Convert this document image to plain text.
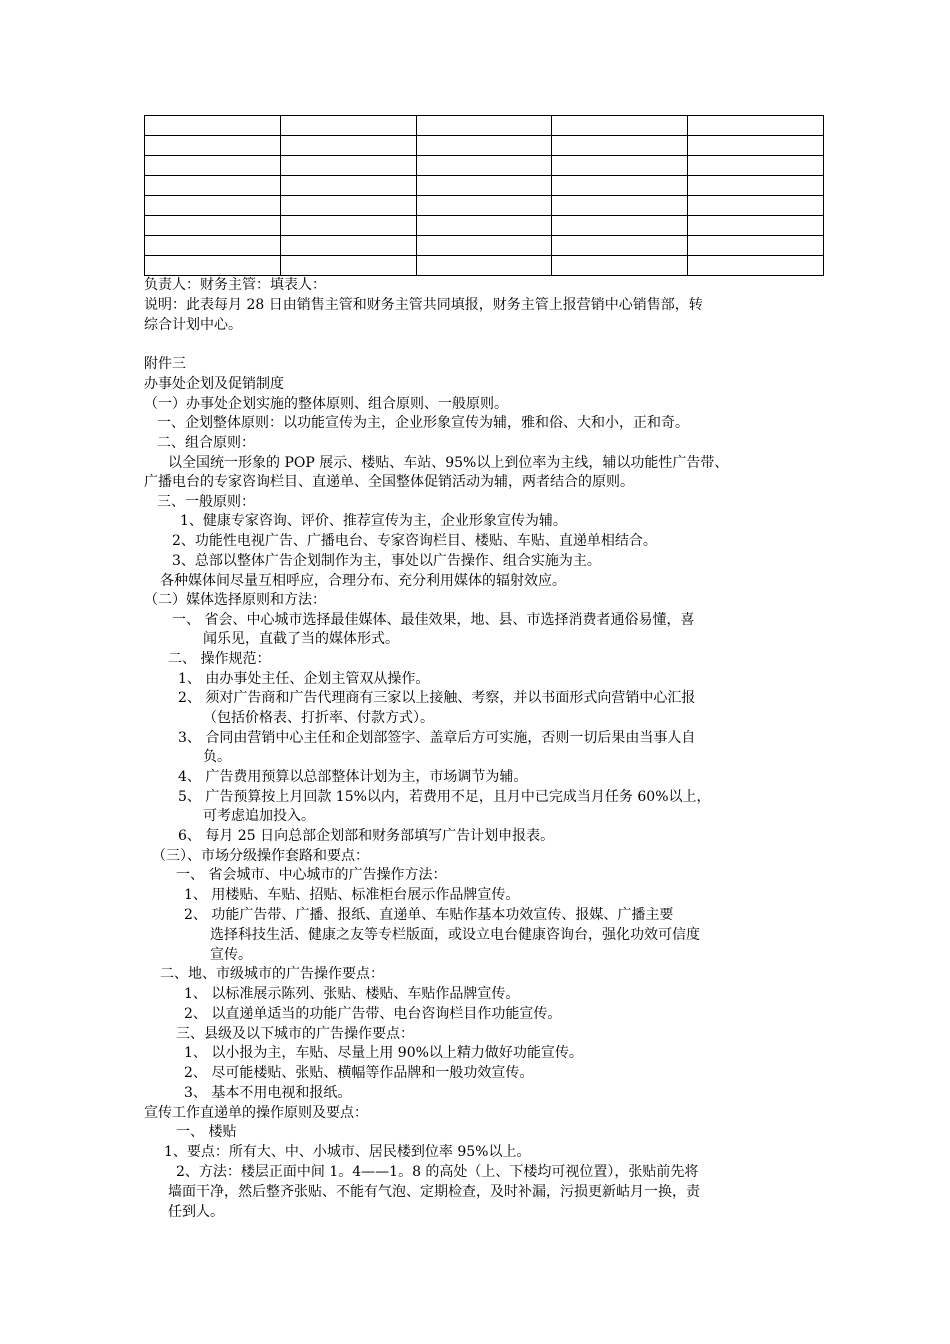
负责人：财务主管：填表人：
说明：此表每月 28 日由销售主管和财务主管共同填报，财务主管上报营销中心销售部，转
综合计划中心。
附件三
办事处企划及促销制度
（一）办事处企划实施的整体原则、组合原则、一般原则。
一、企划整体原则：以功能宣传为主，企业形象宣传为辅，雅和俗、大和小，正和奇。
二、组合原则：
以全国统一形象的 POP 展示、楼贴、车站、95%以上到位率为主线，辅以功能性广告带、
广播电台的专家咨询栏目、直递单、全国整体促销活动为辅，两者结合的原则。
三、一般原则：
1、健康专家咨询、评价、推荐宣传为主，企业形象宣传为辅。
2、功能性电视广告、广播电台、专家咨询栏目、楼贴、车贴、直递单相结合。
3、总部以整体广告企划制作为主，事处以广告操作、组合实施为主。
各种媒体间尽量互相呼应，合理分布、充分利用媒体的辐射效应。
（二）媒体选择原则和方法：
一、 省会、中心城市选择最佳媒体、最佳效果，地、县、市选择消费者通俗易懂，喜
闻乐见，直截了当的媒体形式。
二、 操作规范：
1、 由办事处主任、企划主管双从操作。
2、 须对广告商和广告代理商有三家以上接触、考察，并以书面形式向营销中心汇报
（包括价格表、打折率、付款方式）。
3、 合同由营销中心主任和企划部签字、盖章后方可实施，否则一切后果由当事人自
负。
4、 广告费用预算以总部整体计划为主，市场调节为辅。
5、 广告预算按上月回款 15%以内，若费用不足，且月中已完成当月任务 60%以上，
可考虑追加投入。
6、 每月 25 日向总部企划部和财务部填写广告计划申报表。
（三）、市场分级操作套路和要点：
一、 省会城市、中心城市的广告操作方法：
1、 用楼贴、车贴、招贴、标准柜台展示作品牌宣传。
2、 功能广告带、广播、报纸、直递单、车贴作基本功效宣传、报媒、广播主要
选择科技生活、健康之友等专栏版面，或设立电台健康咨询台，强化功效可信度
宣传。
二、地、市级城市的广告操作要点：
1、 以标准展示陈列、张贴、楼贴、车贴作品牌宣传。
2、 以直递单适当的功能广告带、电台咨询栏目作功能宣传。
三、县级及以下城市的广告操作要点：
1、 以小报为主，车贴、尽量上用 90%以上精力做好功能宣传。
2、 尽可能楼贴、张贴、横幅等作品牌和一般功效宣传。
3、 基本不用电视和报纸。
宣传工作直递单的操作原则及要点：
一、 楼贴
1、要点：所有大、中、小城市、居民楼到位率 95%以上。
2、方法：楼层正面中间 1。4——1。8 的高处（上、下楼均可视位置），张贴前先将
墙面干净，然后整齐张贴、不能有气泡、定期检查，及时补漏，污损更新岵月一换，责
任到人。
